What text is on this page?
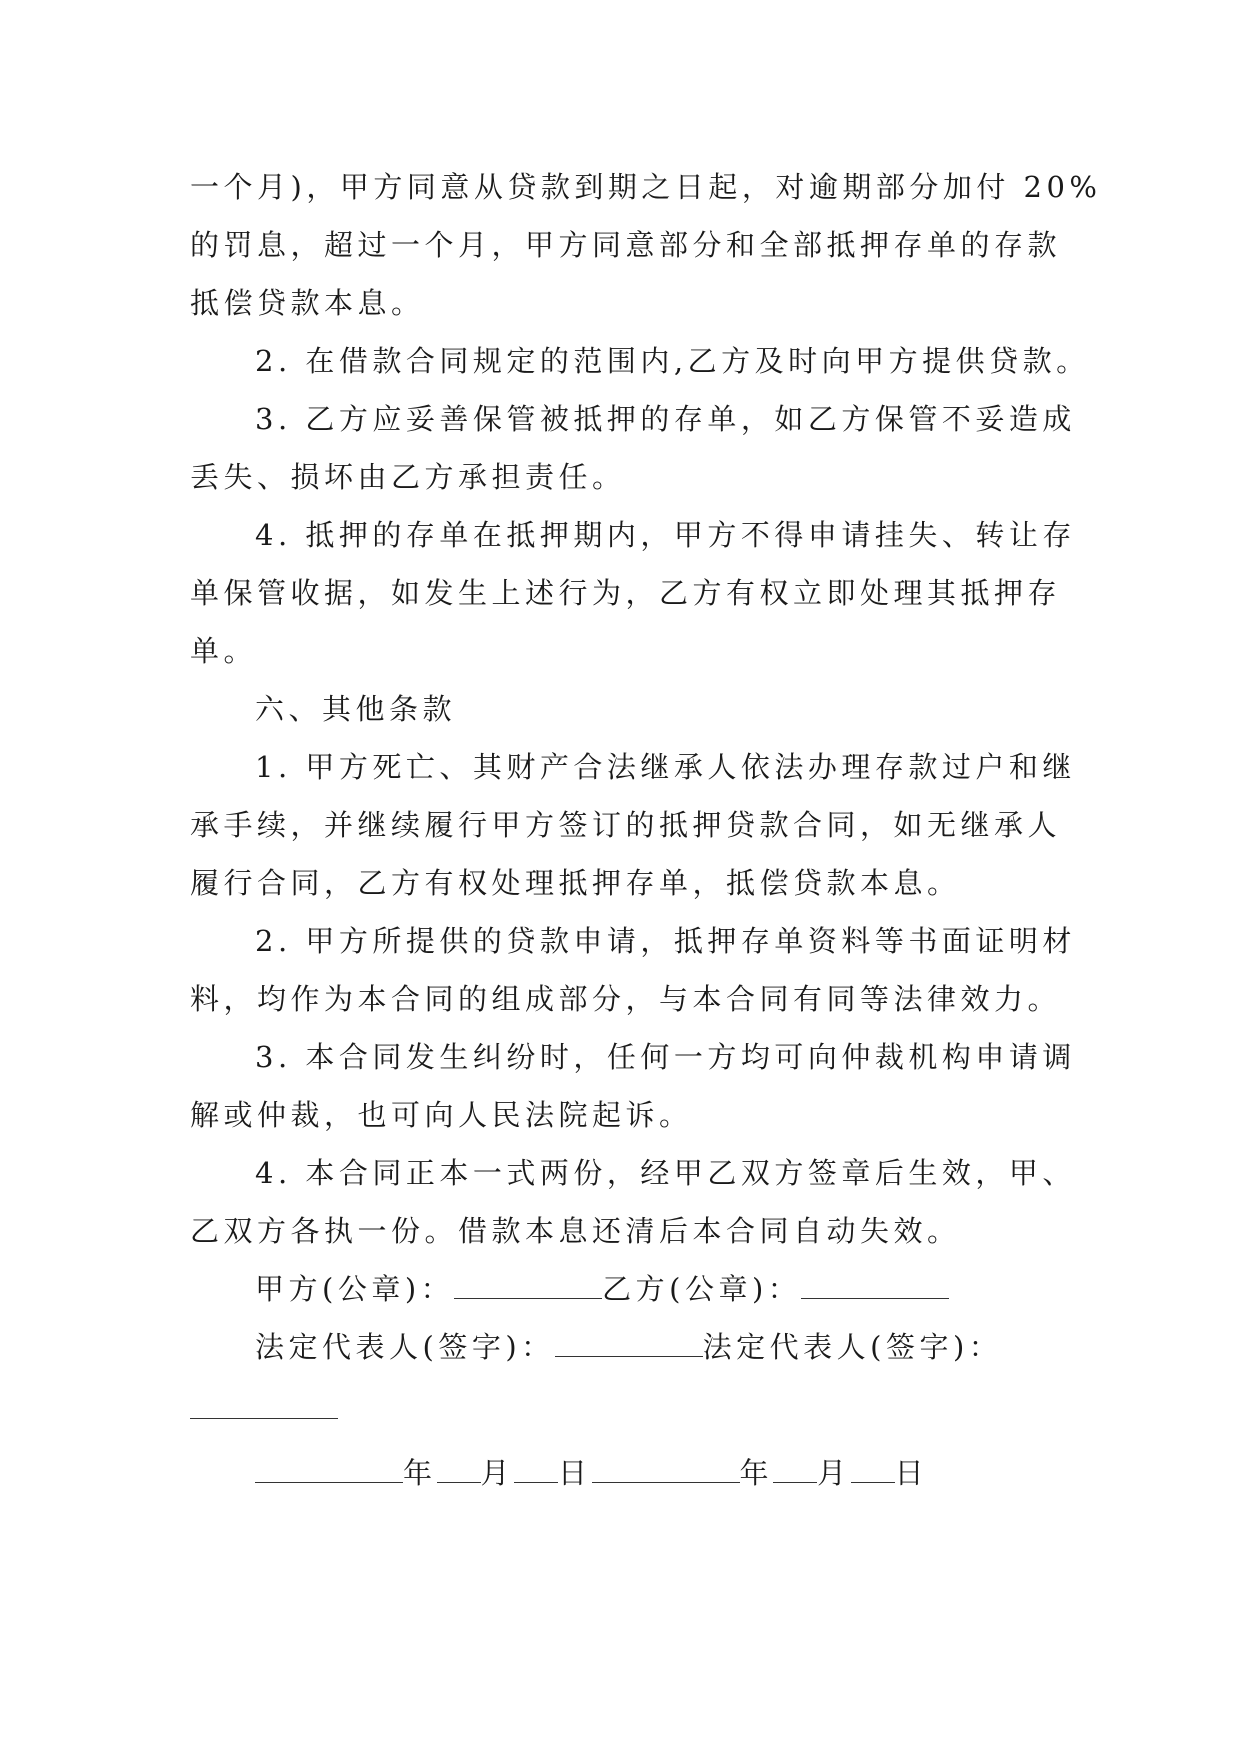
一个月)，甲方同意从贷款到期之日起，对逾期部分加付 20%

的罚息，超过一个月，甲方同意部分和全部抵押存单的存款

抵偿贷款本息。

2. 在借款合同规定的范围内,乙方及时向甲方提供贷款。

3. 乙方应妥善保管被抵押的存单，如乙方保管不妥造成

丢失、损坏由乙方承担责任。

4. 抵押的存单在抵押期内，甲方不得申请挂失、转让存

单保管收据，如发生上述行为，乙方有权立即处理其抵押存

单。

六、其他条款

1. 甲方死亡、其财产合法继承人依法办理存款过户和继

承手续，并继续履行甲方签订的抵押贷款合同，如无继承人

履行合同，乙方有权处理抵押存单，抵偿贷款本息。

2. 甲方所提供的贷款申请，抵押存单资料等书面证明材

料，均作为本合同的组成部分，与本合同有同等法律效力。

3. 本合同发生纠纷时，任何一方均可向仲裁机构申请调

解或仲裁，也可向人民法院起诉。

4. 本合同正本一式两份，经甲乙双方签章后生效，甲、

乙双方各执一份。借款本息还清后本合同自动失效。

甲方(公章)：	乙方(公章)：
法定代表人(签字)：	法定代表人(签字)：
年 月 日	年 月 日
